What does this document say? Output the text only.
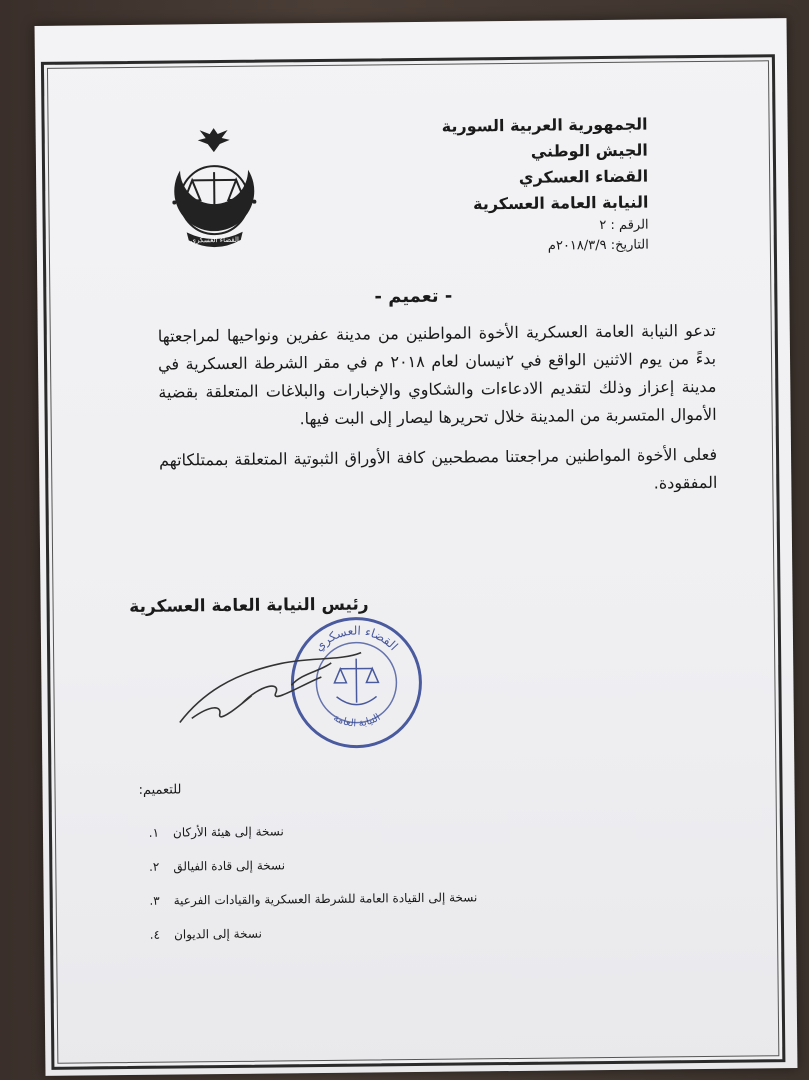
الجمهورية العربية السورية
الجيش الوطني
القضاء العسكري
النيابة العامة العسكرية
الرقم : ٢
التاريخ: ٢٠١٨/٣/٩م
القضاء العسكري
- تعميم -

تدعو النيابة العامة العسكرية الأخوة المواطنين من مدينة عفرين ونواحيها لمراجعتها بدءً من يوم الاثنين الواقع في ٢نيسان لعام ٢٠١٨ م في مقر الشرطة العسكرية في مدينة إعزاز وذلك لتقديم الادعاءات والشكاوي والإخبارات والبلاغات المتعلقة بقضية الأموال المتسربة من المدينة خلال تحريرها ليصار إلى البت فيها.

فعلى الأخوة المواطنين مراجعتنا مصطحبين كافة الأوراق الثبوتية المتعلقة بممتلكاتهم المفقودة.

رئيس النيابة العامة العسكرية
القضاء العسكري
النيابة العامة
للتعميم:
نسخة إلى هيئة الأركان
١.
نسخة إلى قادة الفيالق
٢.
نسخة إلى القيادة العامة للشرطة العسكرية والقيادات الفرعية
٣.
نسخة إلى الديوان
٤.
